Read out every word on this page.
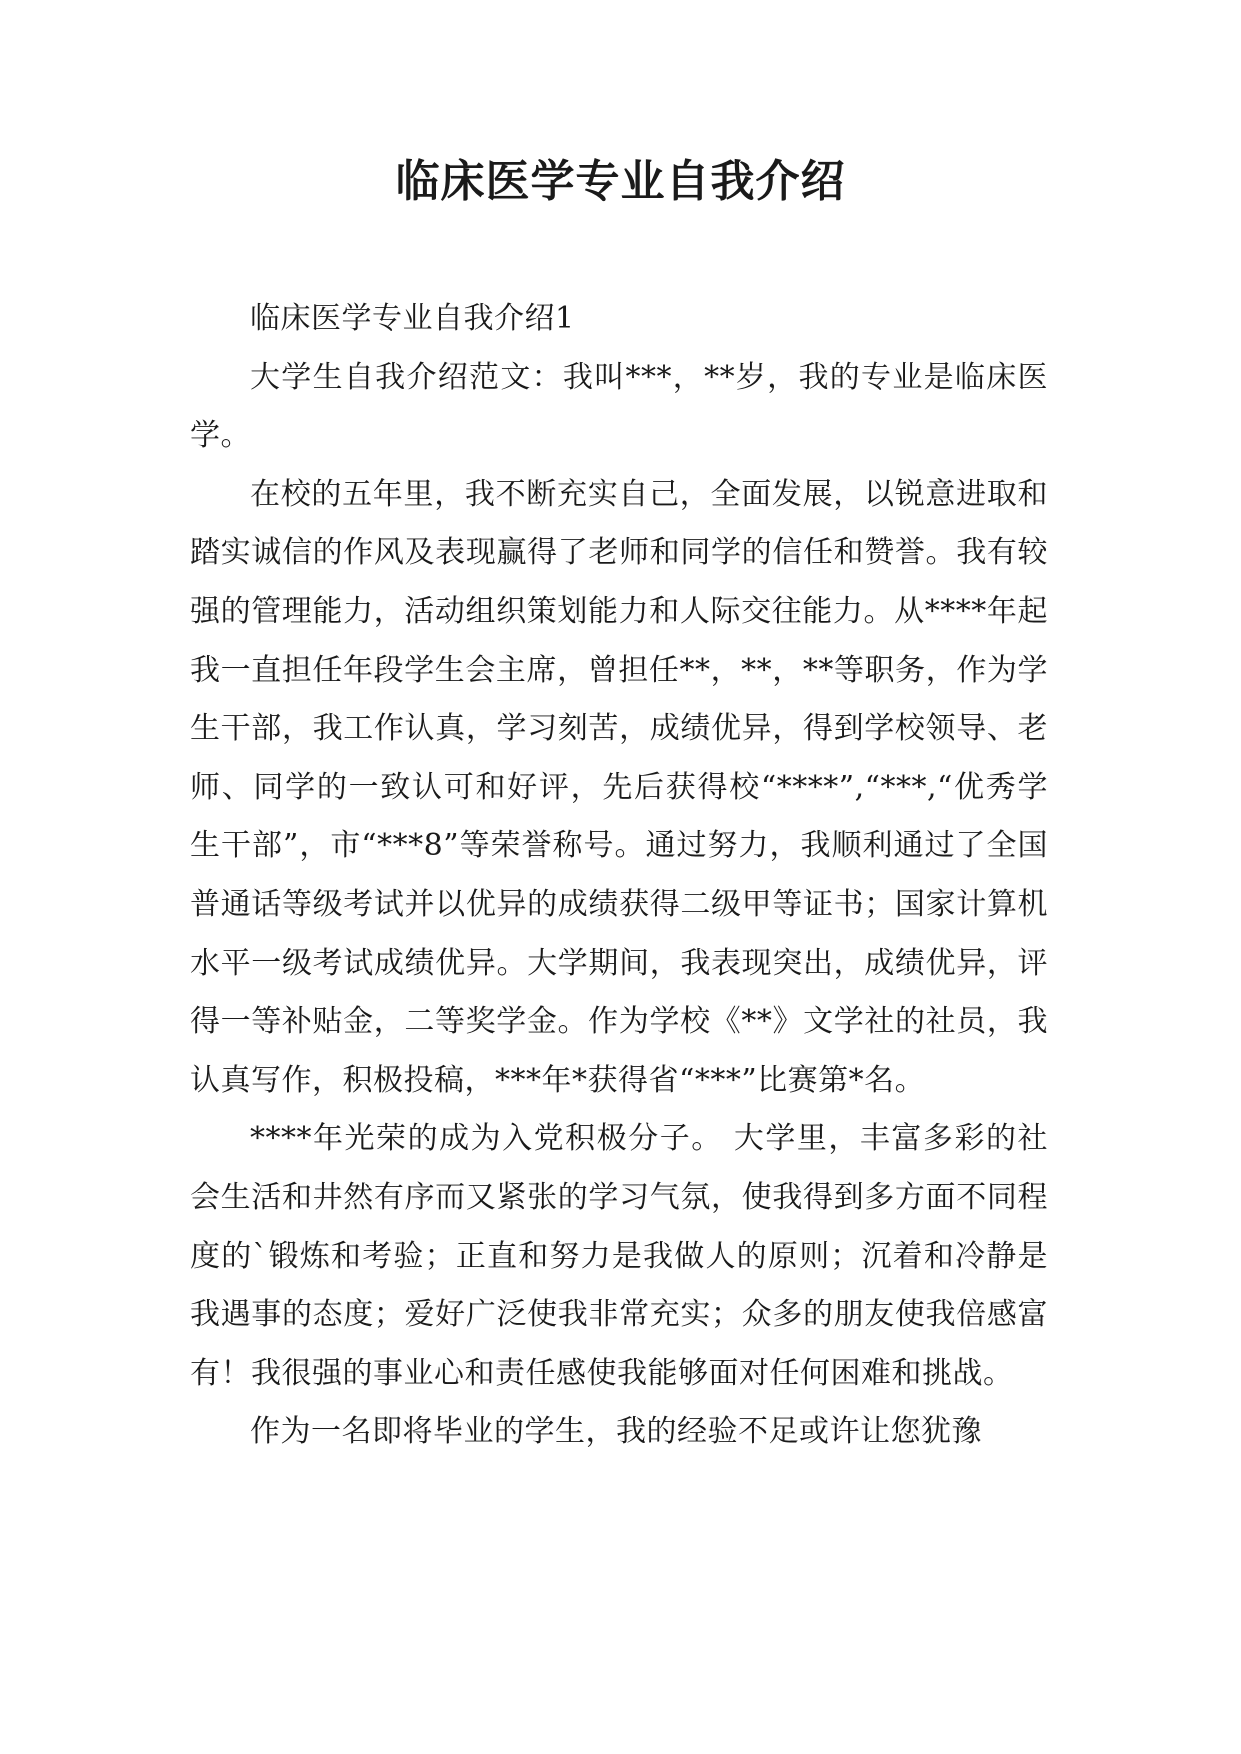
临床医学专业自我介绍

临床医学专业自我介绍1

大学生自我介绍范文：我叫***，**岁，我的专业是临床医学。

在校的五年里，我不断充实自己，全面发展，以锐意进取和踏实诚信的作风及表现赢得了老师和同学的信任和赞誉。我有较强的管理能力，活动组织策划能力和人际交往能力。从****年起我一直担任年段学生会主席，曾担任**，**，**等职务，作为学生干部，我工作认真，学习刻苦，成绩优异，得到学校领导、老师、同学的一致认可和好评，先后获得校“****”,“***,“优秀学生干部”，市“***8”等荣誉称号。通过努力，我顺利通过了全国普通话等级考试并以优异的成绩获得二级甲等证书；国家计算机水平一级考试成绩优异。大学期间，我表现突出，成绩优异，评得一等补贴金，二等奖学金。作为学校《**》文学社的社员，我认真写作，积极投稿，***年*获得省“***”比赛第*名。

****年光荣的成为入党积极分子。 大学里，丰富多彩的社会生活和井然有序而又紧张的学习气氛，使我得到多方面不同程度的`锻炼和考验；正直和努力是我做人的原则；沉着和冷静是我遇事的态度；爱好广泛使我非常充实；众多的朋友使我倍感富有！我很强的事业心和责任感使我能够面对任何困难和挑战。

作为一名即将毕业的学生，我的经验不足或许让您犹豫
